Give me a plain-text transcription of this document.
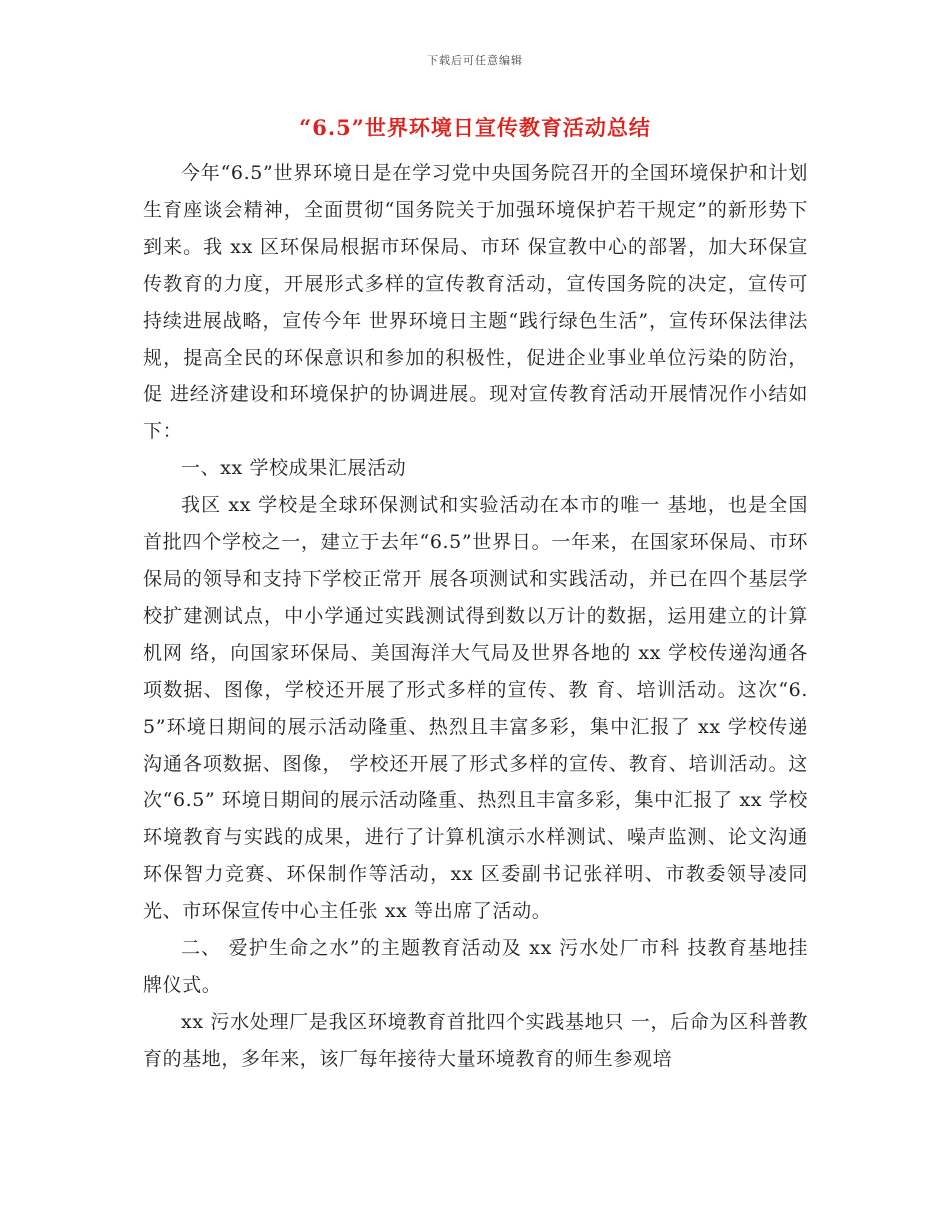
下载后可任意编辑
“6.5”世界环境日宣传教育活动总结

今年“6.5”世界环境日是在学习党中央国务院召开的全国环境保护和计划生育座谈会精神，全面贯彻“国务院关于加强环境保护若干规定”的新形势下到来。我 xx 区环保局根据市环保局、市环 保宣教中心的部署，加大环保宣传教育的力度，开展形式多样的宣传教育活动，宣传国务院的决定，宣传可持续进展战略，宣传今年 世界环境日主题“践行绿色生活”，宣传环保法律法规，提高全民的环保意识和参加的积极性，促进企业事业单位污染的防治，促 进经济建设和环境保护的协调进展。现对宣传教育活动开展情况作小结如下：

一、xx 学校成果汇展活动

我区 xx 学校是全球环保测试和实验活动在本市的唯一 基地，也是全国首批四个学校之一，建立于去年“6.5”世界日。一年来，在国家环保局、市环保局的领导和支持下学校正常开 展各项测试和实践活动，并已在四个基层学校扩建测试点，中小学通过实践测试得到数以万计的数据，运用建立的计算机网 络，向国家环保局、美国海洋大气局及世界各地的 xx 学校传递沟通各项数据、图像，学校还开展了形式多样的宣传、教 育、培训活动。这次“6.5”环境日期间的展示活动隆重、热烈且丰富多彩，集中汇报了 xx 学校传递沟通各项数据、图像， 学校还开展了形式多样的宣传、教育、培训活动。这次“6.5” 环境日期间的展示活动隆重、热烈且丰富多彩，集中汇报了 xx 学校环境教育与实践的成果，进行了计算机演示水样测试、噪声监测、论文沟通环保智力竞赛、环保制作等活动，xx 区委副书记张祥明、市教委领导凌同光、市环保宣传中心主任张 xx 等出席了活动。

二、 爱护生命之水”的主题教育活动及 xx 污水处厂市科 技教育基地挂牌仪式。

xx 污水处理厂是我区环境教育首批四个实践基地只 一，后命为区科普教育的基地，多年来，该厂每年接待大量环境教育的师生参观培
